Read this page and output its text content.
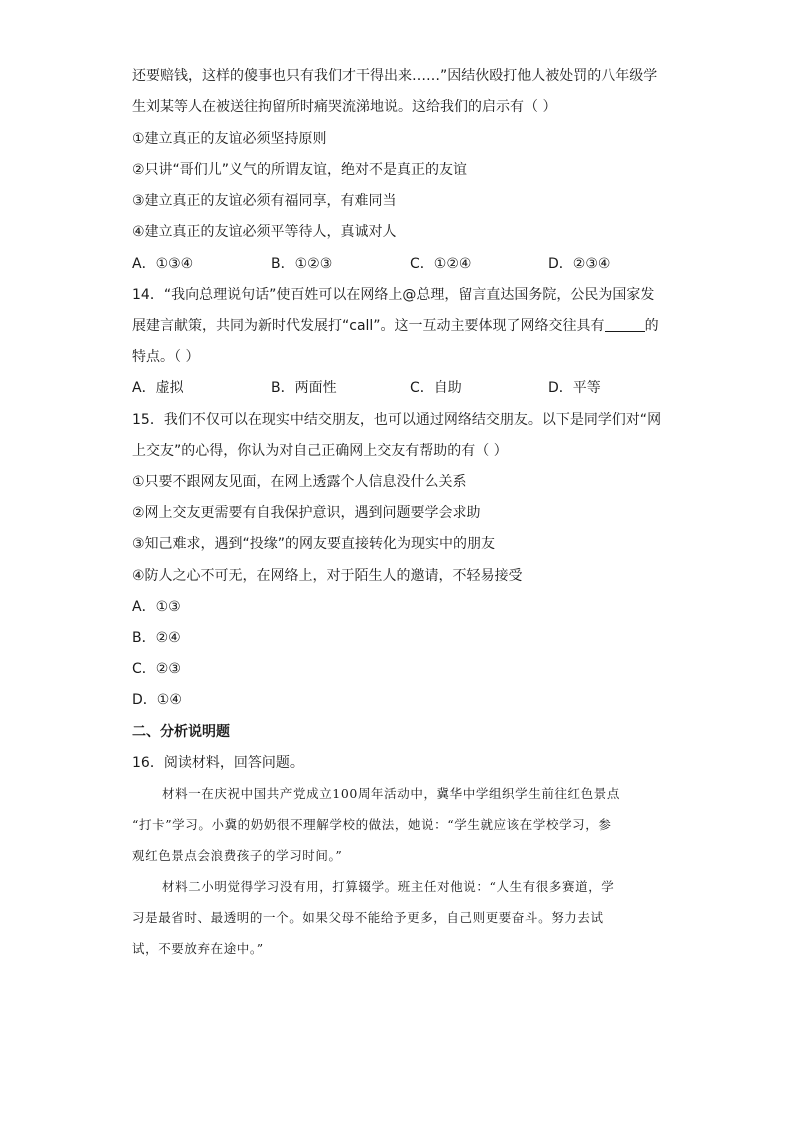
还要赔钱，这样的傻事也只有我们才干得出来……”因结伙殴打他人被处罚的八年级学
生刘某等人在被送往拘留所时痛哭流涕地说。这给我们的启示有（ ）
①建立真正的友谊必须坚持原则
②只讲“哥们儿”义气的所谓友谊，绝对不是真正的友谊
③建立真正的友谊必须有福同享，有难同当
④建立真正的友谊必须平等待人，真诚对人
A．①③④	B．①②③	C．①②④	D．②③④
14．“我向总理说句话”使百姓可以在网络上@总理，留言直达国务院，公民为国家发
展建言献策，共同为新时代发展打“call”。这一互动主要体现了网络交往具有	的
特点。（ ）
A．虚拟	B．两面性	C．自助	D．平等
15．我们不仅可以在现实中结交朋友，也可以通过网络结交朋友。以下是同学们对“网
上交友”的心得，你认为对自己正确网上交友有帮助的有（ ）
①只要不跟网友见面，在网上透露个人信息没什么关系
②网上交友更需要有自我保护意识，遇到问题要学会求助
③知己难求，遇到“投缘”的网友要直接转化为现实中的朋友
④防人之心不可无，在网络上，对于陌生人的邀请，不轻易接受
A．①③
B．②④
C．②③
D．①④
二、分析说明题
16．阅读材料，回答问题。
材料一在庆祝中国共产党成立100周年活动中，冀华中学组织学生前往红色景点
“打卡”学习。小冀的奶奶很不理解学校的做法，她说：“学生就应该在学校学习，参
观红色景点会浪费孩子的学习时间。”
材料二小明觉得学习没有用，打算辍学。班主任对他说：“人生有很多赛道，学
习是最省时、最透明的一个。如果父母不能给予更多，自己则更要奋斗。努力去试
试，不要放弃在途中。”
